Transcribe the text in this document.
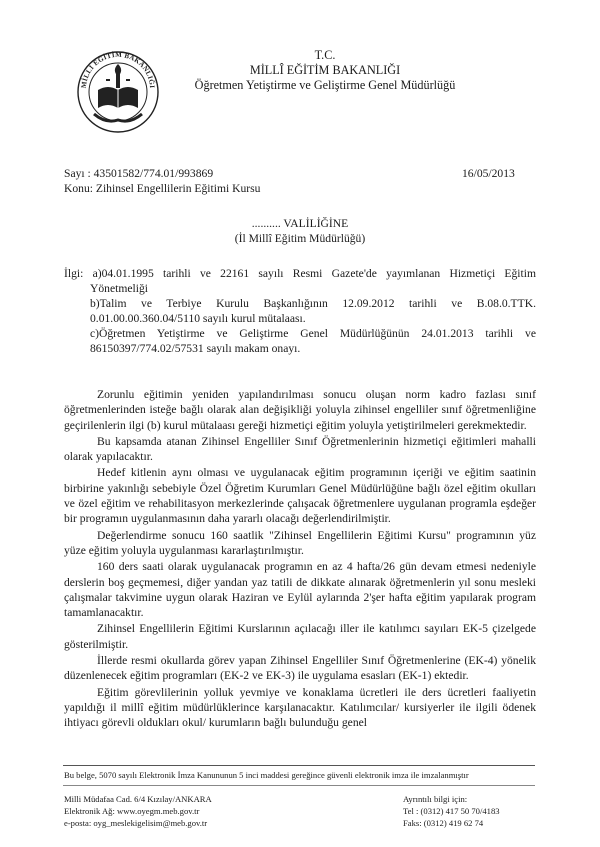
MİLLİ EĞİTİM BAKANLIĞI
T.C.
MİLLÎ EĞİTİM BAKANLIĞI
Öğretmen Yetiştirme ve Geliştirme Genel Müdürlüğü
Sayı : 43501582/774.01/993869	16/05/2013
Konu: Zihinsel Engellilerin Eğitimi Kursu
.......... VALİLİĞİNE
(İl Millî Eğitim Müdürlüğü)
İlgi: a)04.01.1995 tarihli ve 22161 sayılı Resmi Gazete'de yayımlanan Hizmetiçi Eğitim
Yönetmeliği
b)Talim ve Terbiye Kurulu Başkanlığının 12.09.2012 tarihli ve B.08.0.TTK.
0.01.00.00.360.04/5110 sayılı kurul mütalaası.
c)Öğretmen Yetiştirme ve Geliştirme Genel Müdürlüğünün 24.01.2013 tarihli ve
86150397/774.02/57531 sayılı makam onayı.

Zorunlu eğitimin yeniden yapılandırılması sonucu oluşan norm kadro fazlası sınıf öğretmenlerinden isteğe bağlı olarak alan değişikliği yoluyla zihinsel engelliler sınıf öğretmenliğine geçirilenlerin ilgi (b) kurul mütalaası gereği hizmetiçi eğitim yoluyla yetiştirilmeleri gerekmektedir.

Bu kapsamda atanan Zihinsel Engelliler Sınıf Öğretmenlerinin hizmetiçi eğitimleri mahalli olarak yapılacaktır.

Hedef kitlenin aynı olması ve uygulanacak eğitim programının içeriği ve eğitim saatinin birbirine yakınlığı sebebiyle Özel Öğretim Kurumları Genel Müdürlüğüne bağlı özel eğitim okulları ve özel eğitim ve rehabilitasyon merkezlerinde çalışacak öğretmenlere uygulanan programla eşdeğer bir programın uygulanmasının daha yararlı olacağı değerlendirilmiştir.

Değerlendirme sonucu 160 saatlik "Zihinsel Engellilerin Eğitimi Kursu" programının yüz yüze eğitim yoluyla uygulanması kararlaştırılmıştır.

160 ders saati olarak uygulanacak programın en az 4 hafta/26 gün devam etmesi nedeniyle derslerin boş geçmemesi, diğer yandan yaz tatili de dikkate alınarak öğretmenlerin yıl sonu mesleki çalışmalar takvimine uygun olarak Haziran ve Eylül aylarında 2'şer hafta eğitim yapılarak program tamamlanacaktır.

Zihinsel Engellilerin Eğitimi Kurslarının açılacağı iller ile katılımcı sayıları EK-5 çizelgede gösterilmiştir.

İllerde resmi okullarda görev yapan Zihinsel Engelliler Sınıf Öğretmenlerine (EK-4) yönelik düzenlenecek eğitim programları (EK-2 ve EK-3) ile uygulama esasları (EK-1) ektedir.

Eğitim görevlilerinin yolluk yevmiye ve konaklama ücretleri ile ders ücretleri faaliyetin yapıldığı il millî eğitim müdürlüklerince karşılanacaktır. Katılımcılar/ kursiyerler ile ilgili ödenek ihtiyacı görevli oldukları okul/ kurumların bağlı bulunduğu genel

Bu belge, 5070 sayılı Elektronik İmza Kanununun 5 inci maddesi gereğince güvenli elektronik imza ile imzalanmıştır
Milli Müdafaa Cad. 6/4 Kızılay/ANKARA
Elektronik Ağ: www.oyegm.meb.gov.tr
e-posta: oyg_meslekigelisim@meb.gov.tr
Ayrıntılı bilgi için:
Tel : (0312) 417 50 70/4183
Faks: (0312) 419 62 74
